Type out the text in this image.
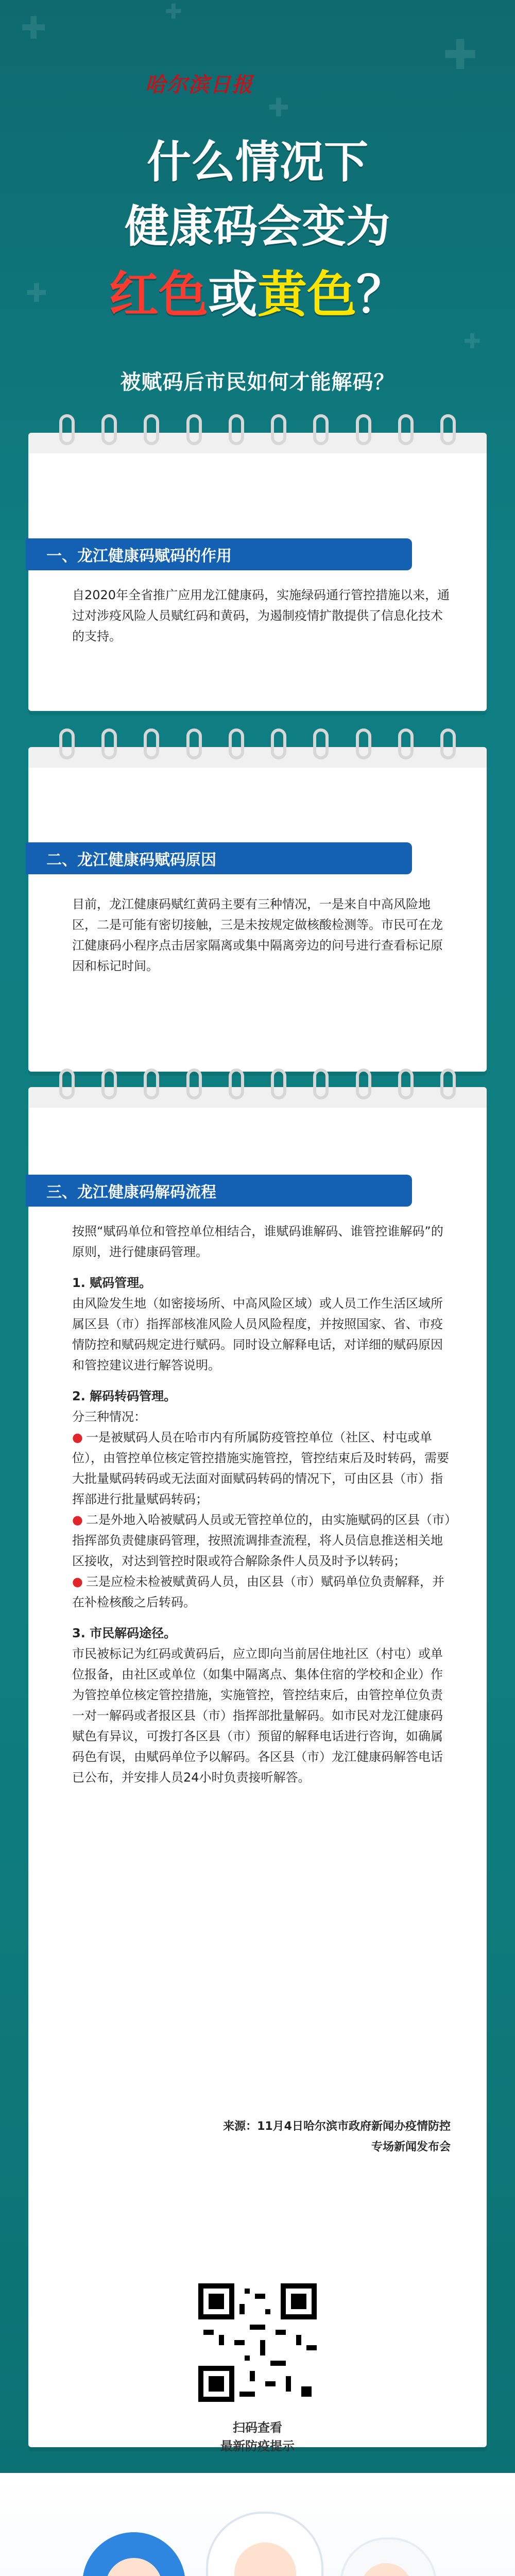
✚
✚
✚
✚
✚
✚
哈尔滨日报
什么情况下
健康码会变为
红色或黄色？
被赋码后市民如何才能解码？
一、龙江健康码赋码的作用

自2020年全省推广应用龙江健康码，实施绿码通行管控措施以来，通过对涉疫风险人员赋红码和黄码，为遏制疫情扩散提供了信息化技术的支持。

二、龙江健康码赋码原因

目前，龙江健康码赋红黄码主要有三种情况，一是来自中高风险地区，二是可能有密切接触，三是未按规定做核酸检测等。市民可在龙江健康码小程序点击居家隔离或集中隔离旁边的问号进行查看标记原因和标记时间。

三、龙江健康码解码流程

按照“赋码单位和管控单位相结合，谁赋码谁解码、谁管控谁解码”的原则，进行健康码管理。

1. 赋码管理。

由风险发生地（如密接场所、中高风险区域）或人员工作生活区域所属区县（市）指挥部核准风险人员风险程度，并按照国家、省、市疫情防控和赋码规定进行赋码。同时设立解释电话，对详细的赋码原因和管控建议进行解答说明。

2. 解码转码管理。

分三种情况：

● 一是被赋码人员在哈市内有所属防疫管控单位（社区、村屯或单位），由管控单位核定管控措施实施管控，管控结束后及时转码，需要大批量赋码转码或无法面对面赋码转码的情况下，可由区县（市）指挥部进行批量赋码转码；

● 二是外地入哈被赋码人员或无管控单位的，由实施赋码的区县（市）指挥部负责健康码管理，按照流调排查流程，将人员信息推送相关地区接收，对达到管控时限或符合解除条件人员及时予以转码；

● 三是应检未检被赋黄码人员，由区县（市）赋码单位负责解释，并在补检核酸之后转码。

3. 市民解码途径。

市民被标记为红码或黄码后，应立即向当前居住地社区（村屯）或单位报备，由社区或单位（如集中隔离点、集体住宿的学校和企业）作为管控单位核定管控措施，实施管控，管控结束后，由管控单位负责一对一解码或者报区县（市）指挥部批量解码。如市民对龙江健康码赋色有异议，可拨打各区县（市）预留的解释电话进行咨询，如确属码色有误，由赋码单位予以解码。各区县（市）龙江健康码解答电话已公布，并安排人员24小时负责接听解答。

来源：11月4日哈尔滨市政府新闻办疫情防控
专场新闻发布会
扫码查看
最新防疫提示
